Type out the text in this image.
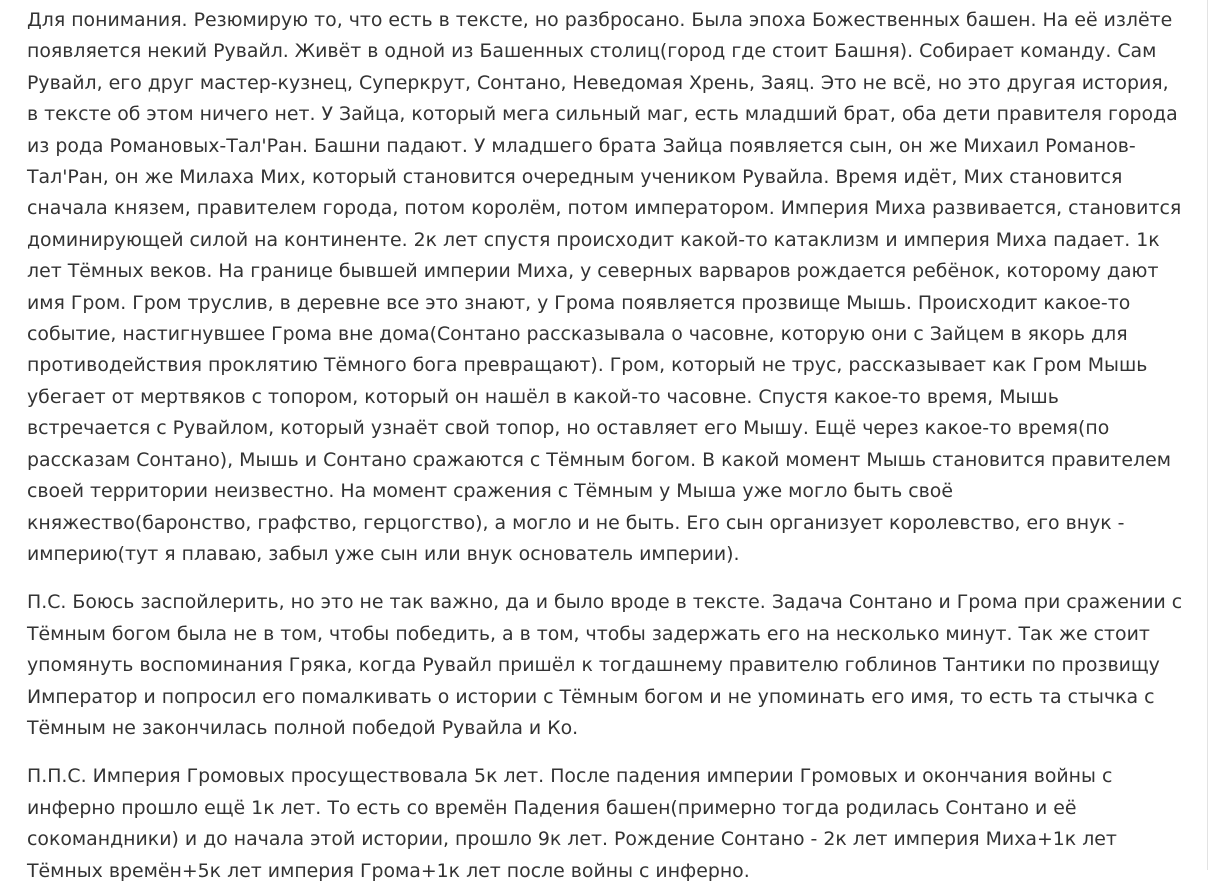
Для понимания. Резюмирую то, что есть в тексте, но разбросано. Была эпоха Божественных башен. На её излёте появляется некий Рувайл. Живёт в одной из Башенных столиц(город где стоит Башня). Собирает команду. Сам Рувайл, его друг мастер-кузнец, Суперкрут, Сонтано, Неведомая Хрень, Заяц. Это не всё, но это другая история, в тексте об этом ничего нет. У Зайца, который мега сильный маг, есть младший брат, оба дети правителя города из рода Романовых-Тал'Ран. Башни падают. У младшего брата Зайца появляется сын, он же Михаил Романов-Тал'Ран, он же Милаха Мих, который становится очередным учеником Рувайла. Время идёт, Мих становится сначала князем, правителем города, потом королём, потом императором. Империя Миха развивается, становится доминирующей силой на континенте. 2к лет спустя происходит какой-то катаклизм и империя Миха падает. 1к лет Тёмных веков. На границе бывшей империи Миха, у северных варваров рождается ребёнок, которому дают имя Гром. Гром труслив, в деревне все это знают, у Грома появляется прозвище Мышь. Происходит какое-то событие, настигнувшее Грома вне дома(Сонтано рассказывала о часовне, которую они с Зайцем в якорь для противодействия проклятию Тёмного бога превращают). Гром, который не трус, рассказывает как Гром Мышь убегает от мертвяков с топором, который он нашёл в какой-то часовне. Спустя какое-то время, Мышь встречается с Рувайлом, который узнаёт свой топор, но оставляет его Мышу. Ещё через какое-то время(по рассказам Сонтано), Мышь и Сонтано сражаются с Тёмным богом. В какой момент Мышь становится правителем своей территории неизвестно. На момент сражения с Тёмным у Мыша уже могло быть своё княжество(баронство, графство, герцогство), а могло и не быть. Его сын организует королевство, его внук - империю(тут я плаваю, забыл уже сын или внук основатель империи).

П.С. Боюсь заспойлерить, но это не так важно, да и было вроде в тексте. Задача Сонтано и Грома при сражении с Тёмным богом была не в том, чтобы победить, а в том, чтобы задержать его на несколько минут. Так же стоит упомянуть воспоминания Гряка, когда Рувайл пришёл к тогдашнему правителю гоблинов Тантики по прозвищу Император и попросил его помалкивать о истории с Тёмным богом и не упоминать его имя, то есть та стычка с Тёмным не закончилась полной победой Рувайла и Ко.

П.П.С. Империя Громовых просуществовала 5к лет. После падения империи Громовых и окончания войны с инферно прошло ещё 1к лет. То есть со времён Падения башен(примерно тогда родилась Сонтано и её сокомандники) и до начала этой истории, прошло 9к лет. Рождение Сонтано - 2к лет империя Миха+1к лет Тёмных времён+5к лет империя Грома+1к лет после войны с инферно.
